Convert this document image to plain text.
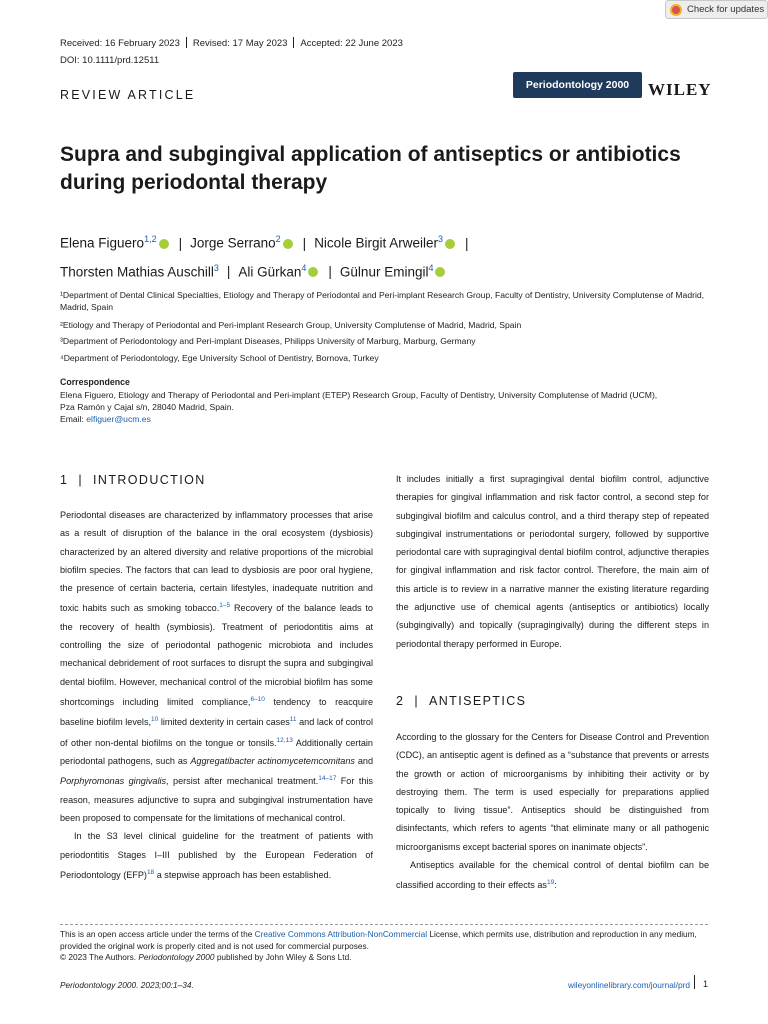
Check for updates
Received: 16 February 2023 Revised: 17 May 2023 Accepted: 22 June 2023
DOI: 10.1111/prd.12511
Periodontology 2000	WILEY
REVIEW ARTICLE
Supra and subgingival application of antiseptics or antibiotics during periodontal therapy
Elena Figuero$^{1,2}$ iD | Jorge Serrano$^2$ iD | Nicole Birgit Arweiler$^3$ iD |
Thorsten Mathias Auschill$^3$ | Ali Gürkan$^4$ iD | Gülnur Emingil$^4$iD
¹Department of Dental Clinical Specialties, Etiology and Therapy of Periodontal and Peri-implant Research Group, Faculty of Dentistry, University Complutense of Madrid, Madrid, Spain
²Etiology and Therapy of Periodontal and Peri-implant Research Group, University Complutense of Madrid, Madrid, Spain
³Department of Periodontology and Peri-implant Diseases, Philipps University of Marburg, Marburg, Germany
⁴Department of Periodontology, Ege University School of Dentistry, Bornova, Turkey
Correspondence
Elena Figuero, Etiology and Therapy of Periodontal and Peri-implant (ETEP) Research Group, Faculty of Dentistry, University Complutense of Madrid (UCM),
Pza Ramón y Cajal s/n, 28040 Madrid, Spain.
Email: elfiguer@ucm.es
1 | INTRODUCTION

Periodontal diseases are characterized by inflammatory processes that arise as a result of disruption of the balance in the oral ecosystem (dysbiosis) characterized by an altered diversity and relative proportions of the microbial biofilm species. The factors that can lead to dysbiosis are poor oral hygiene, the presence of certain bacteria, certain lifestyles, inadequate nutrition and toxic habits such as smoking tobacco.$^{1-5}$ Recovery of the balance leads to the recovery of health (symbiosis). Treatment of periodontitis aims at controlling the size of periodontal pathogenic microbiota and includes mechanical debridement of root surfaces to disrupt the supra and subgingival dental biofilm. However, mechanical control of the microbial biofilm has some shortcomings including limited compliance,$^{6-10}$ tendency to reacquire baseline biofilm levels,$^{10}$ limited dexterity in certain cases$^{11}$ and lack of control of other non-dental biofilms on the tongue or tonsils.$^{12,13}$ Additionally certain periodontal pathogens, such as Aggregatibacter actinomycetemcomitans and Porphyromonas gingivalis, persist after mechanical treatment.$^{14-17}$ For this reason, measures adjunctive to supra and subgingival instrumentation have been proposed to compensate for the limitations of mechanical control.

In the S3 level clinical guideline for the treatment of patients with periodontitis Stages I–III published by the European Federation of Periodontology (EFP)$^{18}$ a stepwise approach has been established.

It includes initially a first supragingival dental biofilm control, adjunctive therapies for gingival inflammation and risk factor control, a second step for subgingival biofilm and calculus control, and a third therapy step of repeated subgingival instrumentations or periodontal surgery, followed by supportive periodontal care with supragingival dental biofilm control, adjunctive therapies for gingival inflammation and risk factor control. Therefore, the main aim of this article is to review in a narrative manner the existing literature regarding the adjunctive use of chemical agents (antiseptics or antibiotics) locally (subgingivally) and topically (supragingivally) during the different steps in periodontal therapy performed in Europe.

2 | ANTISEPTICS

According to the glossary for the Centers for Disease Control and Prevention (CDC), an antiseptic agent is defined as a “substance that prevents or arrests the growth or action of microorganisms by inhibiting their activity or by destroying them. The term is used especially for preparations applied topically to living tissue”. Antiseptics should be distinguished from disinfectants, which refers to agents “that eliminate many or all pathogenic microorganisms except bacterial spores on inanimate objects”.

Antiseptics available for the chemical control of dental biofilm can be classified according to their effects $as^{19}$:

This is an open access article under the terms of the Creative Commons Attribution-NonCommercial License, which permits use, distribution and reproduction in any medium, provided the original work is properly cited and is not used for commercial purposes.
© 2023 The Authors. Periodontology 2000 published by John Wiley & Sons Ltd.
Periodontology 2000. 2023;00:1–34.	wileyonlinelibrary.com/journal/prd 1
